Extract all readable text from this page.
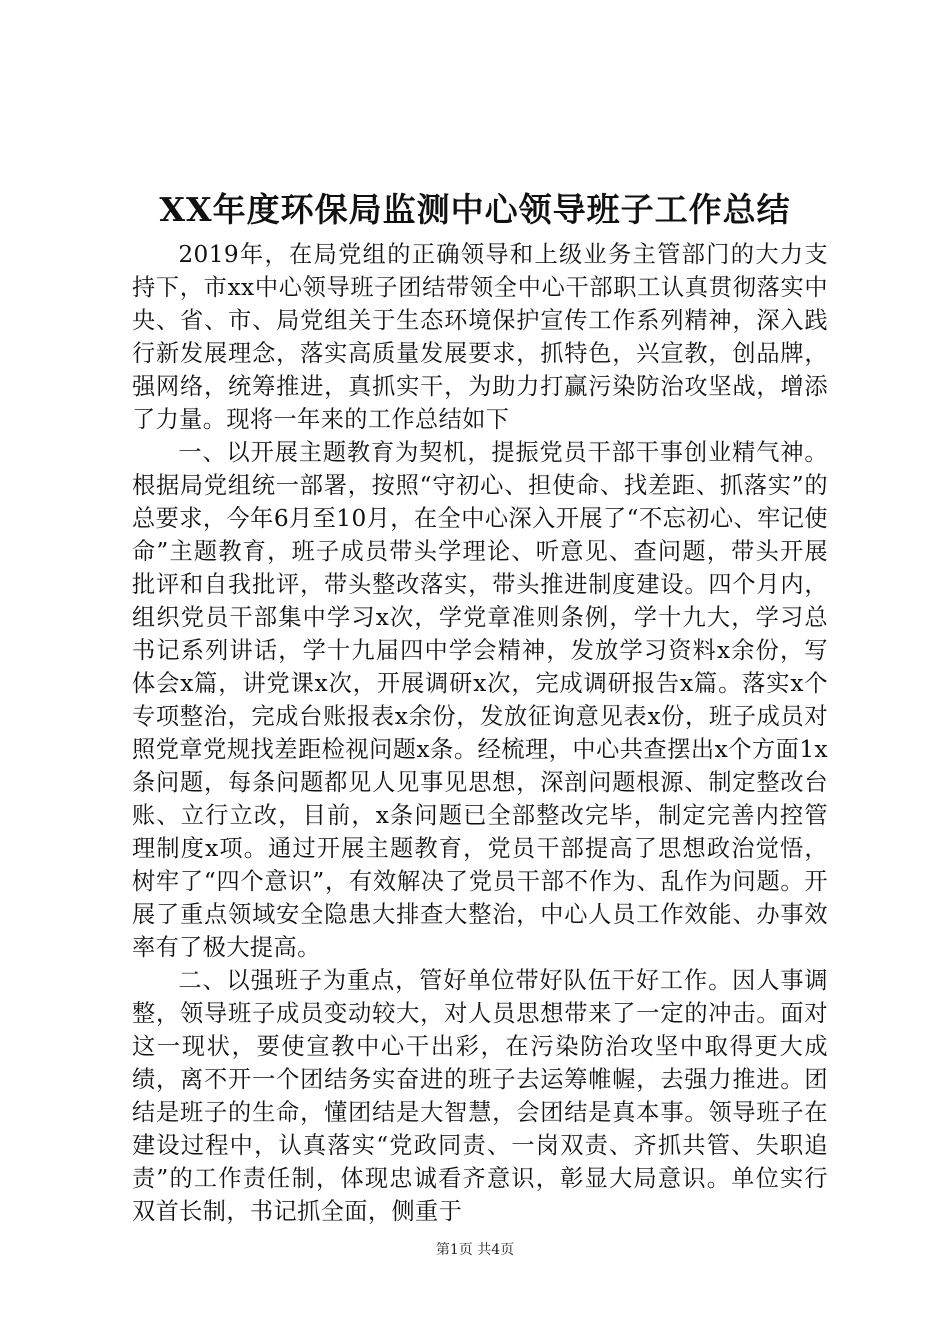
XX年度环保局监测中心领导班子工作总结

2019年，在局党组的正确领导和上级业务主管部门的大力支持下，市xx中心领导班子团结带领全中心干部职工认真贯彻落实中央、省、市、局党组关于生态环境保护宣传工作系列精神，深入践行新发展理念，落实高质量发展要求，抓特色，兴宣教，创品牌，强网络，统筹推进，真抓实干，为助力打赢污染防治攻坚战，增添了力量。现将一年来的工作总结如下

一、以开展主题教育为契机，提振党员干部干事创业精气神。根据局党组统一部署，按照“守初心、担使命、找差距、抓落实”的总要求，今年6月至10月，在全中心深入开展了“不忘初心、牢记使命”主题教育，班子成员带头学理论、听意见、查问题，带头开展批评和自我批评，带头整改落实，带头推进制度建设。四个月内，组织党员干部集中学习x次，学党章准则条例，学十九大，学习总书记系列讲话，学十九届四中学会精神，发放学习资料x余份，写体会x篇，讲党课x次，开展调研x次，完成调研报告x篇。落实x个专项整治，完成台账报表x余份，发放征询意见表x份，班子成员对照党章党规找差距检视问题x条。经梳理，中心共查摆出x个方面1x条问题，每条问题都见人见事见思想，深剖问题根源、制定整改台账、立行立改，目前，x条问题已全部整改完毕，制定完善内控管理制度x项。通过开展主题教育，党员干部提高了思想政治觉悟，树牢了“四个意识”，有效解决了党员干部不作为、乱作为问题。开展了重点领域安全隐患大排查大整治，中心人员工作效能、办事效率有了极大提高。

二、以强班子为重点，管好单位带好队伍干好工作。因人事调整，领导班子成员变动较大，对人员思想带来了一定的冲击。面对这一现状，要使宣教中心干出彩，在污染防治攻坚中取得更大成绩，离不开一个团结务实奋进的班子去运筹帷幄，去强力推进。团结是班子的生命，懂团结是大智慧，会团结是真本事。领导班子在建设过程中，认真落实“党政同责、一岗双责、齐抓共管、失职追责”的工作责任制，体现忠诚看齐意识，彰显大局意识。单位实行双首长制，书记抓全面，侧重于

第1页 共4页
